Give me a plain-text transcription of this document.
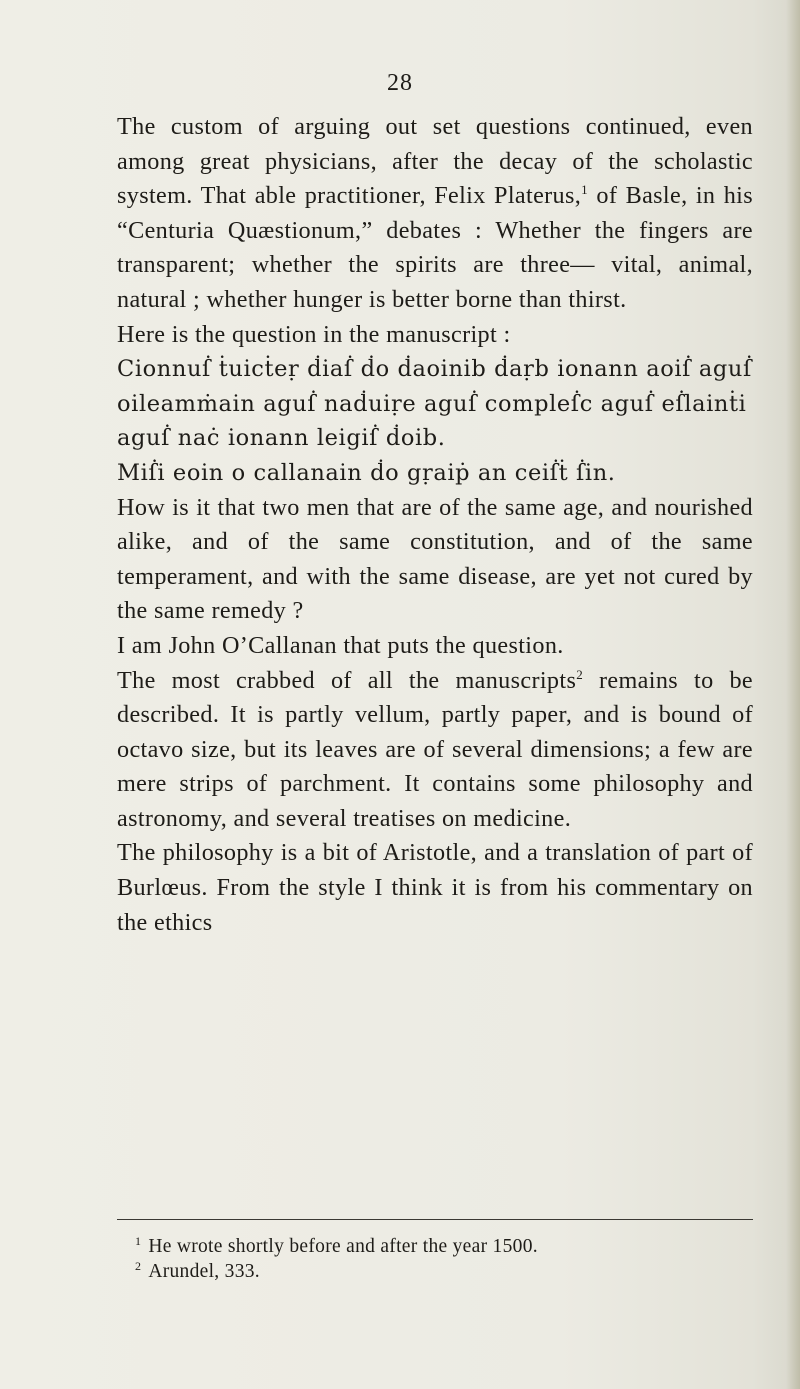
28

The custom of arguing out set questions continued, even among great physicians, after the decay of the scholastic system. That able practitioner, Felix Platerus,$^1$ of Basle, in his “Centuria Quæstionum,” debates : Whether the fingers are transparent; whether the spirits are three— vital, animal, natural ; whether hunger is better borne than thirst.

Here is the question in the manuscript :

Cionnuẛ ṫuicṫeṛ ḋiaẛ ḋo ḋaoinib ḋaṛb ionann aoiẛ aguẛ oileamṁain aguẛ naḋuiṛe aguẛ compleẛc aguẛ eẛlainṫi aguẛ naċ ionann leigiẛ ḋoib.

Miẛi eoin o callanain ḋo gṛaiṗ an ceiẛṫ ẛin.

How is it that two men that are of the same age, and nourished alike, and of the same constitution, and of the same temperament, and with the same disease, are yet not cured by the same remedy ?

I am John O’Callanan that puts the question.

The most crabbed of all the manuscripts$^2$ remains to be described. It is partly vellum, partly paper, and is bound of octavo size, but its leaves are of several dimensions; a few are mere strips of parchment. It contains some philosophy and astronomy, and several treatises on medicine.

The philosophy is a bit of Aristotle, and a translation of part of Burlœus. From the style I think it is from his commentary on the ethics

$^1$ He wrote shortly before and after the year 1500.

$^2$ Arundel, 333.
